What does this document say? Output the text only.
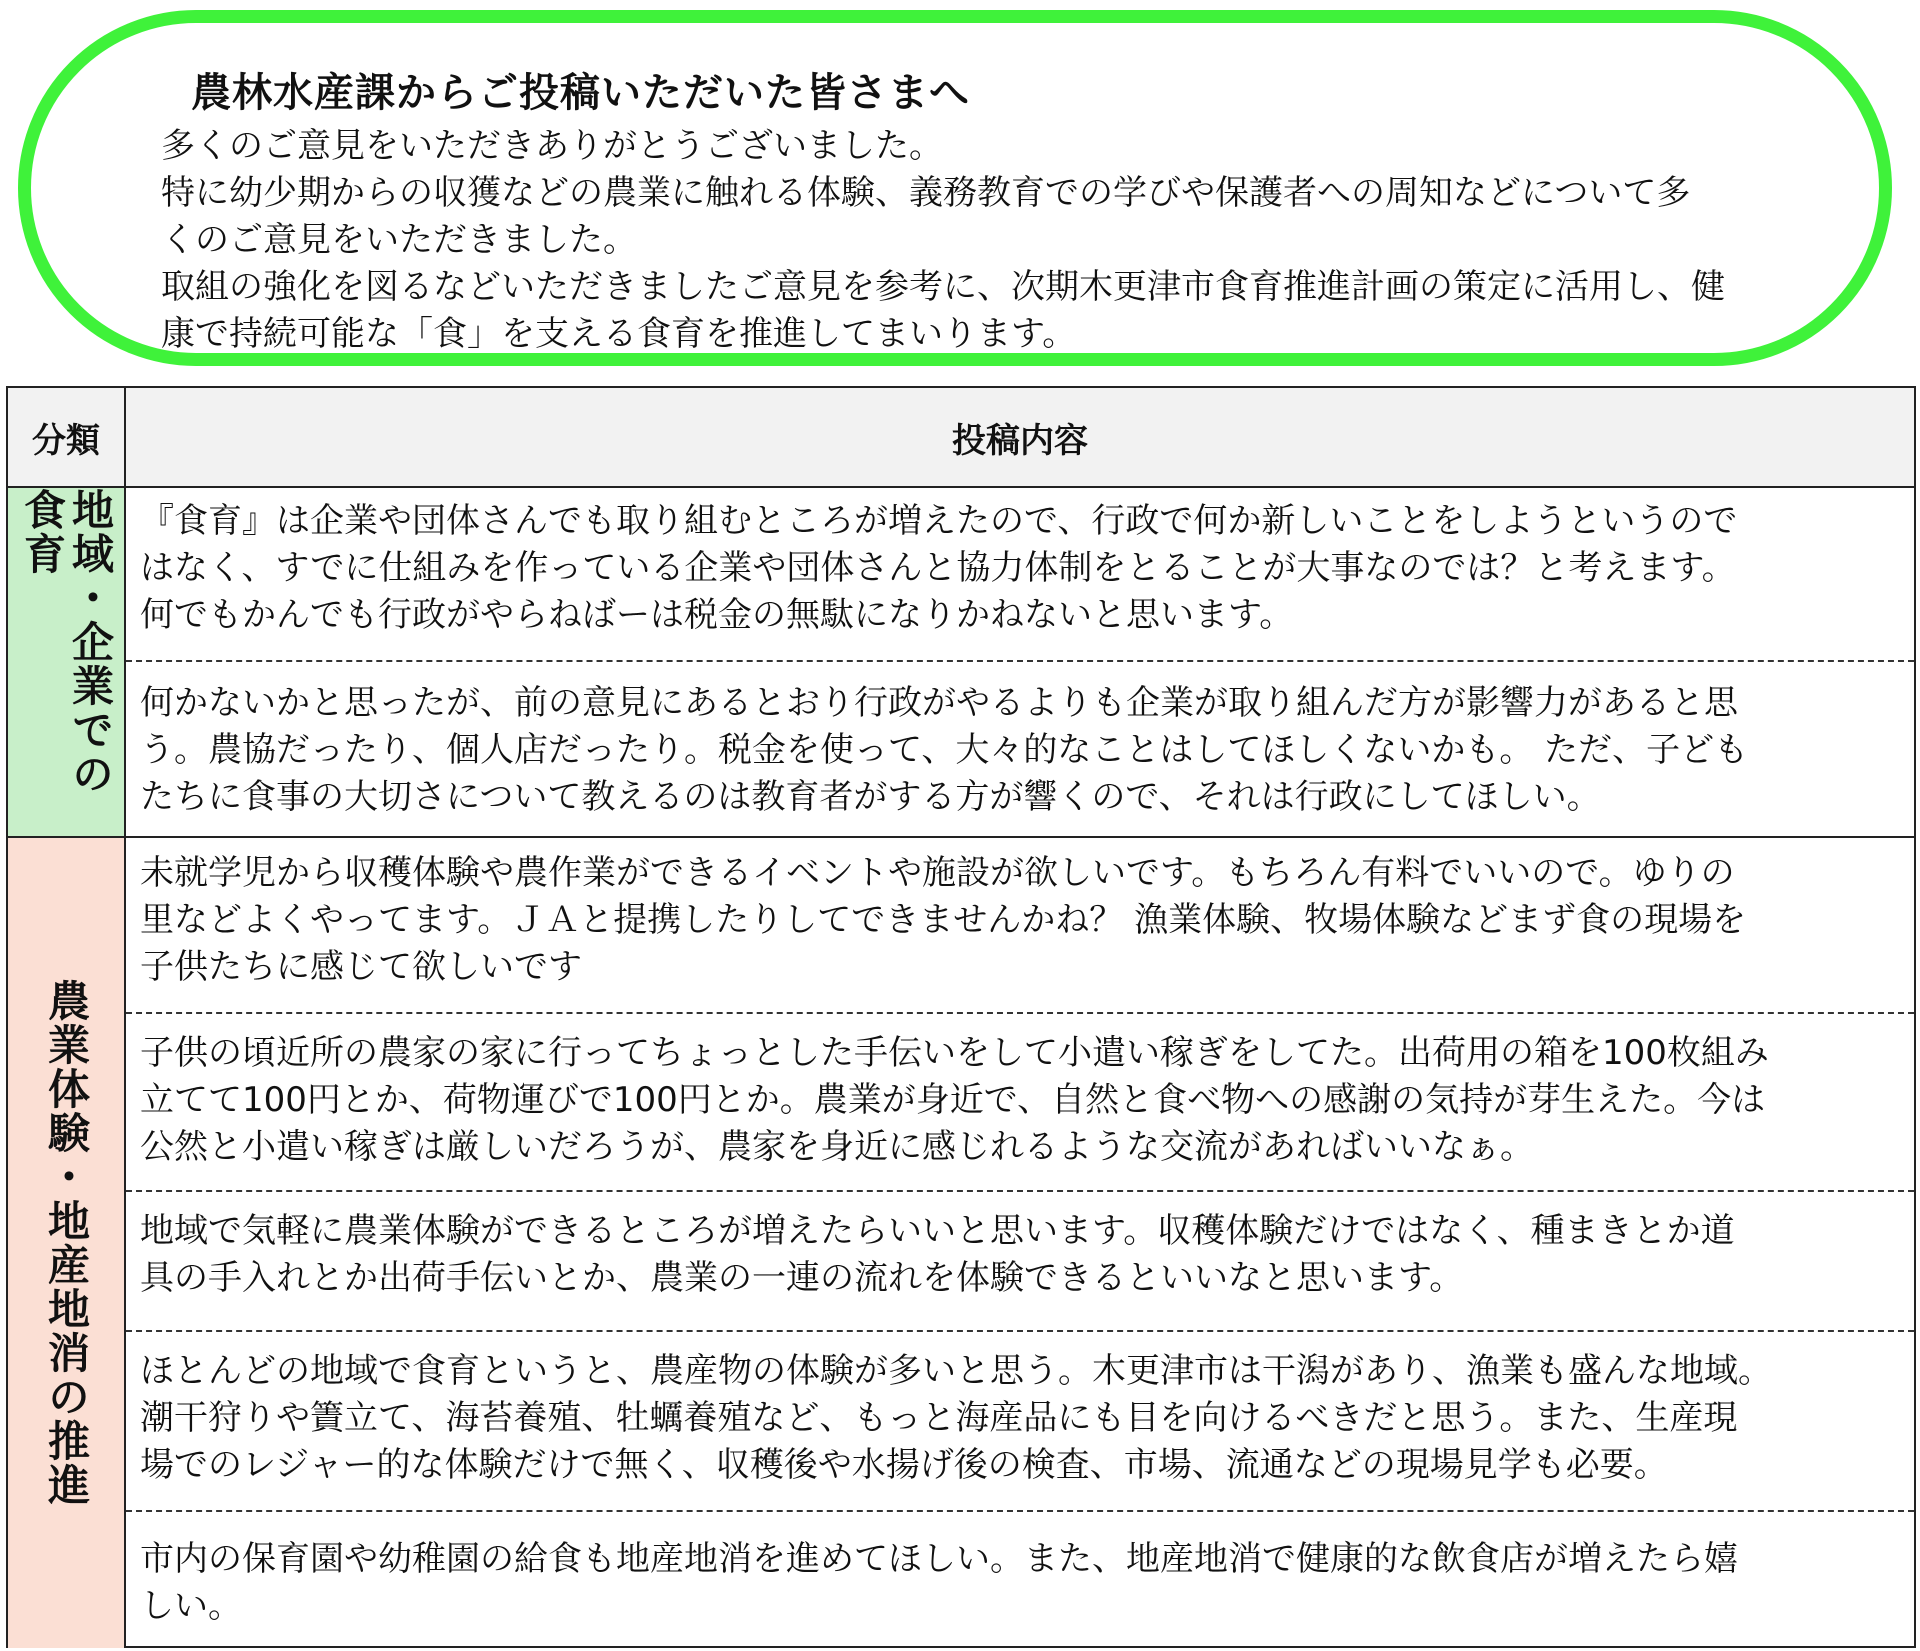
農林水産課からご投稿いただいた皆さまへ
多くのご意見をいただきありがとうございました。
特に幼少期からの収獲などの農業に触れる体験、義務教育での学びや保護者への周知などについて多
くのご意見をいただきました。
取組の強化を図るなどいただきましたご意見を参考に、次期木更津市食育推進計画の策定に活用し、健
康で持続可能な「食」を支える食育を推進してまいります。
分類	投稿内容
地域・企業での食育
農業体験・地産地消の推進
『食育』は企業や団体さんでも取り組むところが増えたので、行政で何か新しいことをしようというので
はなく、すでに仕組みを作っている企業や団体さんと協力体制をとることが大事なのでは？と考えます。
何でもかんでも行政がやらねばーは税金の無駄になりかねないと思います。
何かないかと思ったが、前の意見にあるとおり行政がやるよりも企業が取り組んだ方が影響力があると思
う。農協だったり、個人店だったり。税金を使って、大々的なことはしてほしくないかも。 ただ、子ども
たちに食事の大切さについて教えるのは教育者がする方が響くので、それは行政にしてほしい。
未就学児から収穫体験や農作業ができるイベントや施設が欲しいです。もちろん有料でいいので。ゆりの
里などよくやってます。ＪＡと提携したりしてできませんかね？ 漁業体験、牧場体験などまず食の現場を
子供たちに感じて欲しいです
子供の頃近所の農家の家に行ってちょっとした手伝いをして小遣い稼ぎをしてた。出荷用の箱を100枚組み
立てて100円とか、荷物運びで100円とか。農業が身近で、自然と食べ物への感謝の気持が芽生えた。今は
公然と小遣い稼ぎは厳しいだろうが、農家を身近に感じれるような交流があればいいなぁ。
地域で気軽に農業体験ができるところが増えたらいいと思います。収穫体験だけではなく、種まきとか道
具の手入れとか出荷手伝いとか、農業の一連の流れを体験できるといいなと思います。
ほとんどの地域で食育というと、農産物の体験が多いと思う。木更津市は干潟があり、漁業も盛んな地域。
潮干狩りや簀立て、海苔養殖、牡蠣養殖など、もっと海産品にも目を向けるべきだと思う。また、生産現
場でのレジャー的な体験だけで無く、収穫後や水揚げ後の検査、市場、流通などの現場見学も必要。
市内の保育園や幼稚園の給食も地産地消を進めてほしい。また、地産地消で健康的な飲食店が増えたら嬉
しい。
